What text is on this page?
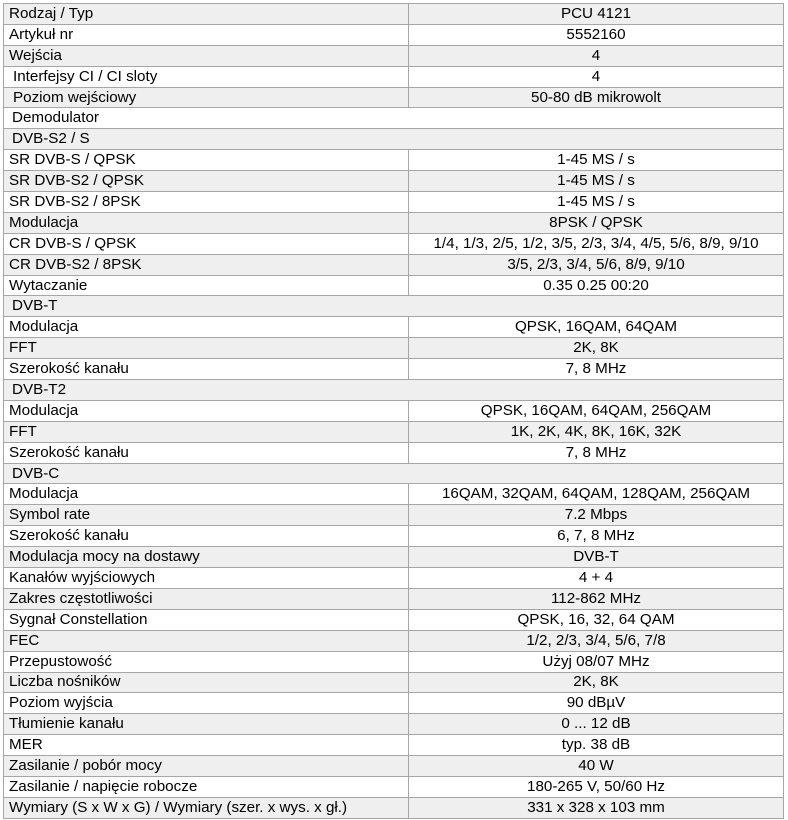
Rodzaj / Typ	PCU 4121
Artykuł nr	5552160
Wejścia	4
Interfejsy CI / CI sloty	4
Poziom wejściowy	50-80 dB mikrowolt
Demodulator	
DVB-S2 / S	
SR DVB-S / QPSK	1-45 MS / s
SR DVB-S2 / QPSK	1-45 MS / s
SR DVB-S2 / 8PSK	1-45 MS / s
Modulacja	8PSK / QPSK
CR DVB-S / QPSK	1/4, 1/3, 2/5, 1/2, 3/5, 2/3, 3/4, 4/5, 5/6, 8/9, 9/10
CR DVB-S2 / 8PSK	3/5, 2/3, 3/4, 5/6, 8/9, 9/10
Wytaczanie	0.35 0.25 00:20
DVB-T	
Modulacja	QPSK, 16QAM, 64QAM
FFT	2K, 8K
Szerokość kanału	7, 8 MHz
DVB-T2	
Modulacja	QPSK, 16QAM, 64QAM, 256QAM
FFT	1K, 2K, 4K, 8K, 16K, 32K
Szerokość kanału	7, 8 MHz
DVB-C	
Modulacja	16QAM, 32QAM, 64QAM, 128QAM, 256QAM
Symbol rate	7.2 Mbps
Szerokość kanału	6, 7, 8 MHz
Modulacja mocy na dostawy	DVB-T
Kanałów wyjściowych	4 + 4
Zakres częstotliwości	112-862 MHz
Sygnał Constellation	QPSK, 16, 32, 64 QAM
FEC	1/2, 2/3, 3/4, 5/6, 7/8
Przepustowość	Użyj 08/07 MHz
Liczba nośników	2K, 8K
Poziom wyjścia	90 dBµV
Tłumienie kanału	0 ... 12 dB
MER	typ. 38 dB
Zasilanie / pobór mocy	40 W
Zasilanie / napięcie robocze	180-265 V, 50/60 Hz
Wymiary (S x W x G) / Wymiary (szer. x wys. x gł.)	331 x 328 x 103 mm
